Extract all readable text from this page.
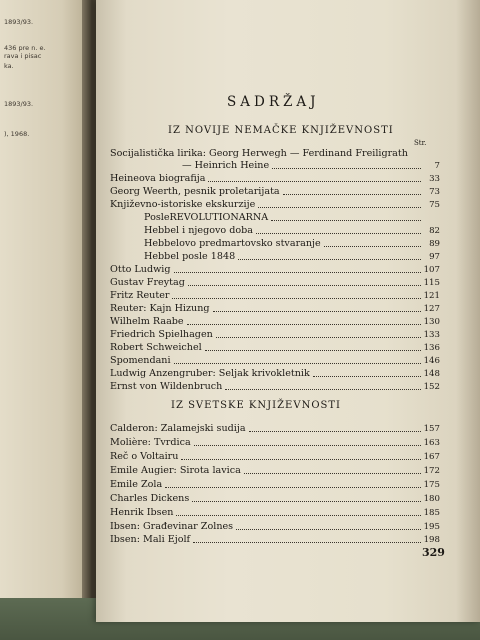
1893/93.
436 pre n. e.
rava i pisac
ka.
1893/93.
), 1968.
SADRŽAJ
IZ NOVIJE NEMAČKE KNJIŽEVNOSTI
Str.
Socijalistička lirika: Georg Herwegh — Ferdinand Freiligrath
— Heinrich Heine	7
Heineova biografija	33
Georg Weerth, pesnik proletarijata	73
Književno-istoriske ekskurzije	75
PosleREVOLUTIONARNA
Hebbel i njegovo doba	82
Hebbelovo predmartovsko stvaranje	89
Hebbel posle 1848	97
Otto Ludwig	107
Gustav Freytag	115
Fritz Reuter	121
Reuter: Kajn Hizung	127
Wilhelm Raabe	130
Friedrich Spielhagen	133
Robert Schweichel	136
Spomendani	146
Ludwig Anzengruber: Seljak krivokletnik	148
Ernst von Wildenbruch	152
IZ SVETSKE KNJIŽEVNOSTI
Calderon: Zalamejski sudija	157
Molière: Tvrdica	163
Reč o Voltairu	167
Emile Augier: Sirota lavica	172
Emile Zola	175
Charles Dickens	180
Henrik Ibsen	185
Ibsen: Građevinar Zolnes	195
Ibsen: Mali Ejolf	198
329
